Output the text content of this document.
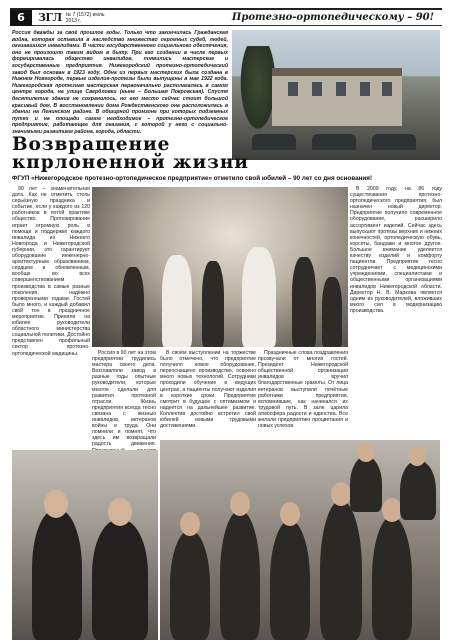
6	ЗГЛ № 7 (1572) июль 2013 г.	Протезно-ортопедическому – 90!
Россия дважды за своё прошлое годы. Только что закончилась Гражданская война, которая оставила в наследство множество огромных судеб, людей, оказавшихся инвалидами. В части государственного социального обеспечения, оно не произошло таким видом в быту. При его создании в числе первых формировалась общество инвалидов, появились мастерские и государственные предприятия. Нижегородский протезно-ортопедический завод был основан в 1923 году. Одна из первых мастерских была создана в Нижнем Новгороде, первые изделия-протезы были выпущены в мае 1922 года. Нижегородская протезная мастерская первоначально располагалась в самом центре города, на улице Свердловки (ныне – Большая Покровская). Спустя десятилетие здание не сохранилось, но его место сейчас стоит большой красивый дом. В восстановлении дома Рождественского она расположилась в здании на Ленинском районе. В обширной промзоне при которых подземных путях и на площади самое необходимое – протезно-ортопедическое предприятие, работающее для оказания, с которой у него с социально-значимыми развитием района, города, области.
Возвращение
кпрлоненной жизни
ФГУП «Нижегородское протезно-ортопедическое предприятие» отметило свой юбилей – 90 лет со дня основания!

90 лет – знаменательная дата. Как не отметить столь серьёзную праздника и событие, если у каждого из 120 работников в потой практике общество. Протезирование играет огромную роль в помощи и поддержке каждого инвалида из Нижнего Новгорода и Нижегородской губернии, это гарантирует оборудование инженерно-архитектурным образованием, сердцем и обновленным, вообще во всех совершенствованием производства в самые разные поколения, надёжно проверенными годами. Гостей было много, и каждый добавил свой тон в праздничное мероприятие. Приняли на юбилее руководители областного министерства социальной политики. Достойно представлен профильный сектор протезно-ортопедической медицины.

В 2009 году, на 86 году существования протезно-ортопедического предприятия, был назначен новый директор. Предприятие получило современное оборудование, расширило ассортимент изделий. Сейчас здесь выпускают протезы верхних и нижних конечностей, ортопедическую обувь, корсеты, бандажи и многое другое. Большое внимание уделяется качеству изделий и комфорту пациентов. Предприятие тесно сотрудничает с медицинскими учреждениями, специалистами и общественными организациями инвалидов Нижегородской области. Директор Н. В. Маркова является одним из руководителей, вложивших много сил в модернизацию производства.

Россия в 90 лет на этом предприятии трудились мастера своего дела. Возглавляли завод в разные годы опытные руководители, которые многое сделали для развития протезной отрасли. Жизнь предприятия всегда тесно связана с жизнью инвалидов, ветеранов войны и труда. Они помнили и помнят, что здесь им возвращали радость движения.

В своём выступлении на торжестве было отмечено, что предприятие получило новое оборудование, переоснащено производство, освоено много новых технологий. Сотрудники проходили обучение в ведущих центрах, а пациенты получают изделия в короткие сроки. Предприятие смотрит в будущее с оптимизмом и надеется на дальнейшее развитие. Коллектив достойно встретил свой юбилей новыми трудовыми достижениями.

Праздничные слова поздравления прозвучали от многих гостей. Президент Нижегородской общественной организации инвалидов вручил благодарственные грамоты. От лица ветеранов выступили почётные работники предприятия, вспомнившие, как начинался их трудовой путь. В зале царила атмосфера радости и единства. Все желали предприятию процветания и новых успехов.
